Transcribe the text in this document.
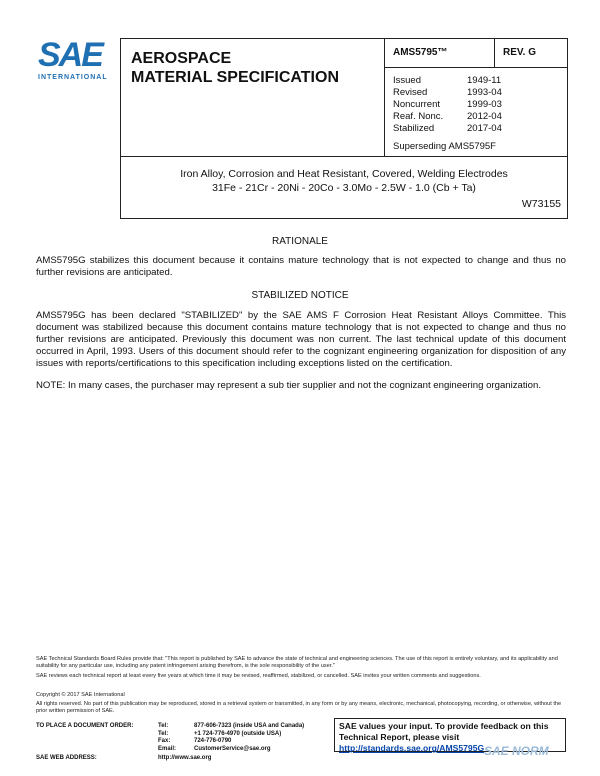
SAE
INTERNATIONAL
AEROSPACE
MATERIAL SPECIFICATION
AMS5795™	REV. G
Issued	1949-11
Revised	1993-04
Noncurrent	1999-03
Reaf. Nonc.	2012-04
Stabilized	2017-04
Superseding AMS5795F
Iron Alloy, Corrosion and Heat Resistant, Covered, Welding Electrodes
31Fe - 21Cr - 20Ni - 20Co - 3.0Mo - 2.5W - 1.0 (Cb + Ta)
W73155
RATIONALE
AMS5795G stabilizes this document because it contains mature technology that is not expected to change and thus no further revisions are anticipated.
STABILIZED NOTICE
AMS5795G has been declared "STABILIZED" by the SAE AMS F Corrosion Heat Resistant Alloys Committee. This document was stabilized because this document contains mature technology that is not expected to change and thus no further revisions are anticipated. Previously this document was non current. The last technical update of this document occurred in April, 1993. Users of this document should refer to the cognizant engineering organization for disposition of any issues with reports/certifications to this specification including exceptions listed on the certification.
NOTE: In many cases, the purchaser may represent a sub tier supplier and not the cognizant engineering organization.
SAE Technical Standards Board Rules provide that: "This report is published by SAE to advance the state of technical and engineering sciences. The use of this report is entirely voluntary, and its applicability and suitability for any particular use, including any patent infringement arising therefrom, is the sole responsibility of the user."
SAE reviews each technical report at least every five years at which time it may be revised, reaffirmed, stabilized, or cancelled. SAE invites your written comments and suggestions.
Copyright © 2017 SAE International
All rights reserved. No part of this publication may be reproduced, stored in a retrieval system or transmitted, in any form or by any means, electronic, mechanical, photocopying, recording, or otherwise, without the prior written permission of SAE.
TO PLACE A DOCUMENT ORDER:	Tel:	877-606-7323 (inside USA and Canada)
Tel:	+1 724-776-4970 (outside USA)
Fax:	724-776-0790
Email:	CustomerService@sae.org
SAE WEB ADDRESS:	http://www.sae.org
SAE values your input. To provide feedback on this
Technical Report, please visit
http://standards.sae.org/AMS5795G SAE NORM
